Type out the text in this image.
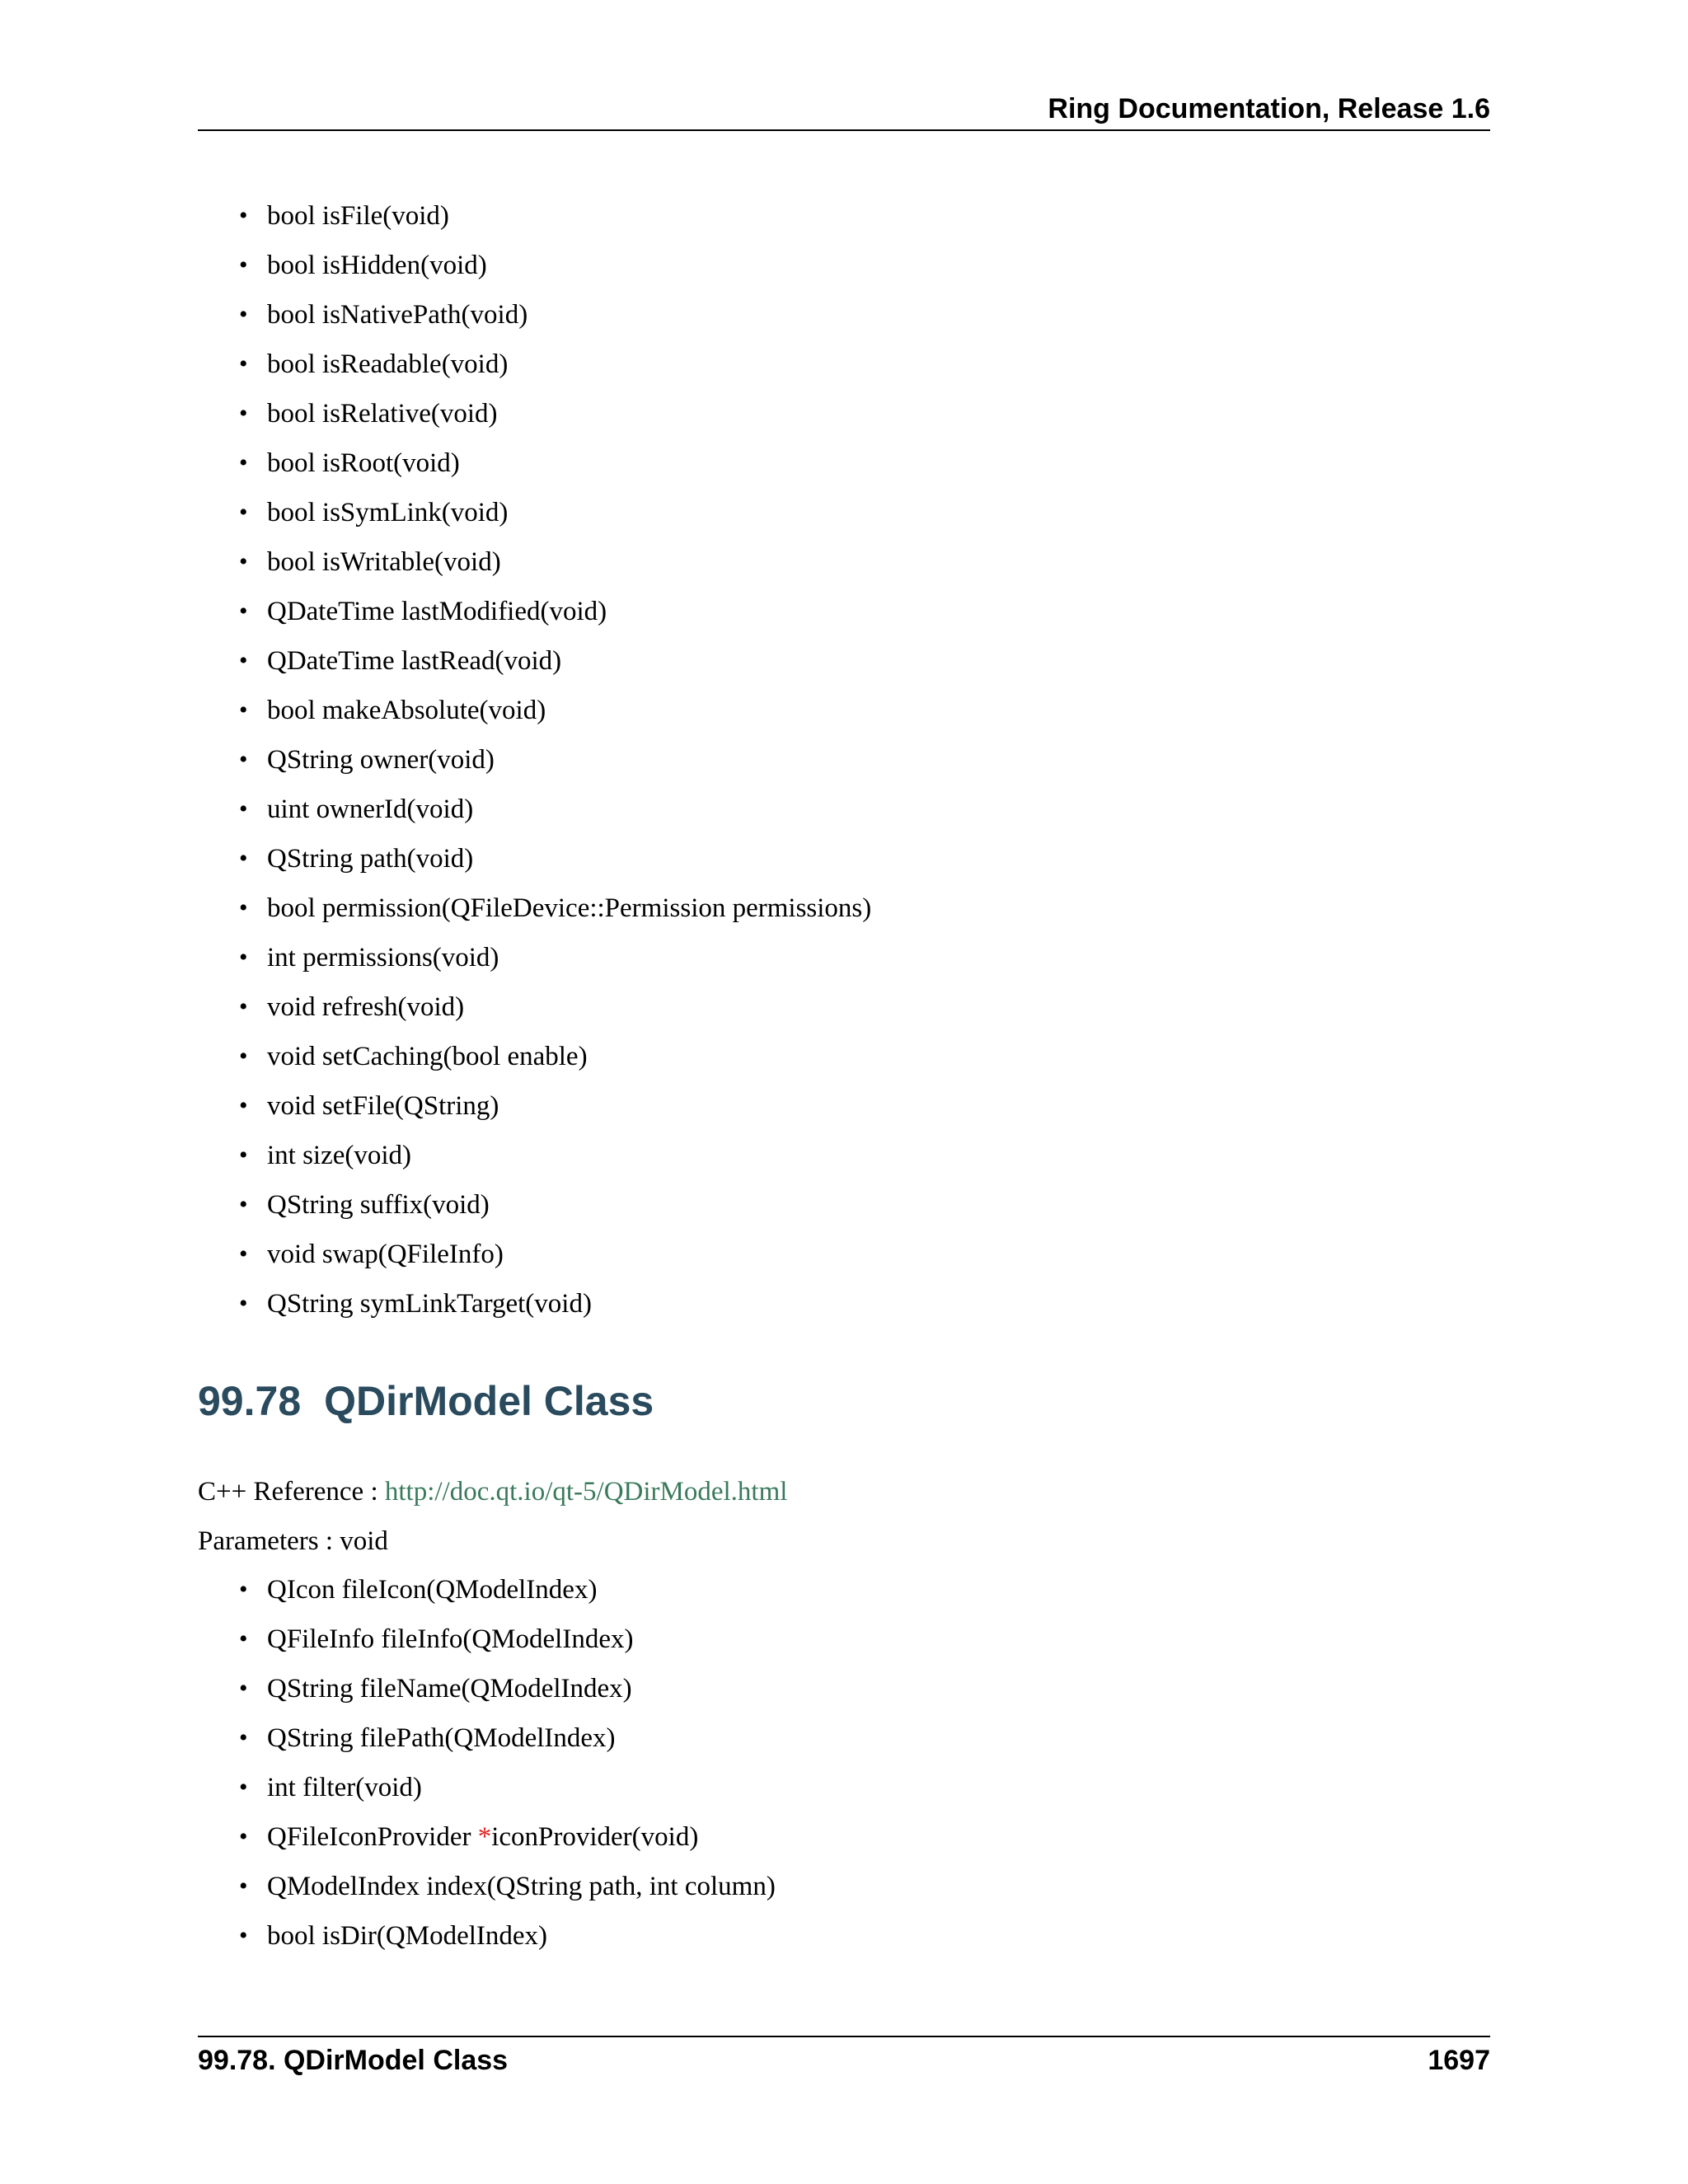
Ring Documentation, Release 1.6
• bool isFile(void)
• bool isHidden(void)
• bool isNativePath(void)
• bool isReadable(void)
• bool isRelative(void)
• bool isRoot(void)
• bool isSymLink(void)
• bool isWritable(void)
• QDateTime lastModified(void)
• QDateTime lastRead(void)
• bool makeAbsolute(void)
• QString owner(void)
• uint ownerId(void)
• QString path(void)
• bool permission(QFileDevice::Permission permissions)
• int permissions(void)
• void refresh(void)
• void setCaching(bool enable)
• void setFile(QString)
• int size(void)
• QString suffix(void)
• void swap(QFileInfo)
• QString symLinkTarget(void)
99.78 QDirModel Class
C++ Reference : http://doc.qt.io/qt-5/QDirModel.html
Parameters : void
• QIcon fileIcon(QModelIndex)
• QFileInfo fileInfo(QModelIndex)
• QString fileName(QModelIndex)
• QString filePath(QModelIndex)
• int filter(void)
• QFileIconProvider *iconProvider(void)
• QModelIndex index(QString path, int column)
• bool isDir(QModelIndex)
99.78. QDirModel Class	1697
